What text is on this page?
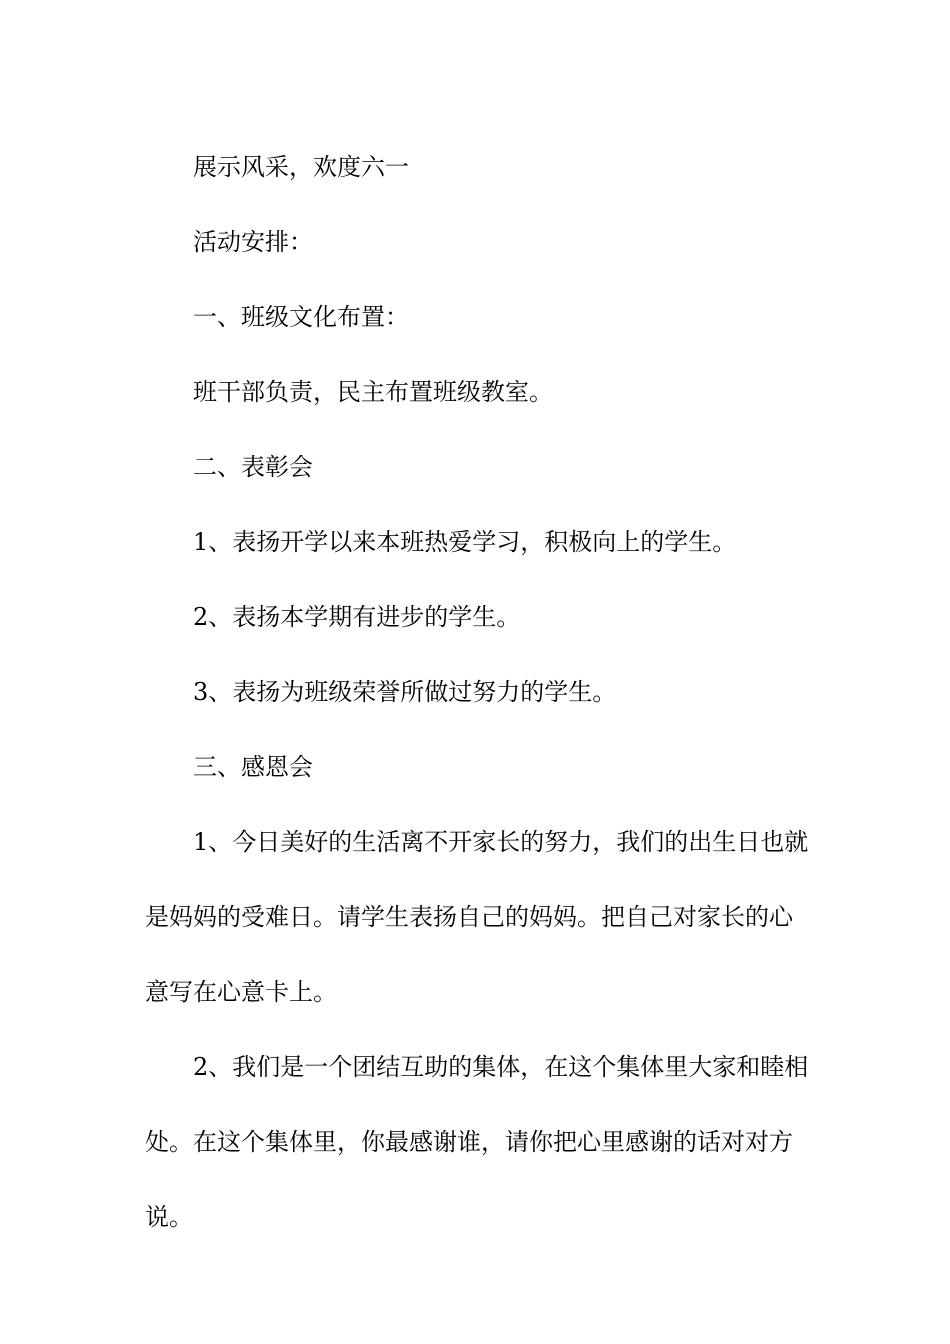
展示风采，欢度六一

活动安排：

一、班级文化布置：

班干部负责，民主布置班级教室。

二、表彰会

1、表扬开学以来本班热爱学习，积极向上的学生。

2、表扬本学期有进步的学生。

3、表扬为班级荣誉所做过努力的学生。

三、感恩会

1、今日美好的生活离不开家长的努力，我们的出生日也就是妈妈的受难日。请学生表扬自己的妈妈。把自己对家长的心意写在心意卡上。

2、我们是一个团结互助的集体，在这个集体里大家和睦相处。在这个集体里，你最感谢谁，请你把心里感谢的话对对方说。
